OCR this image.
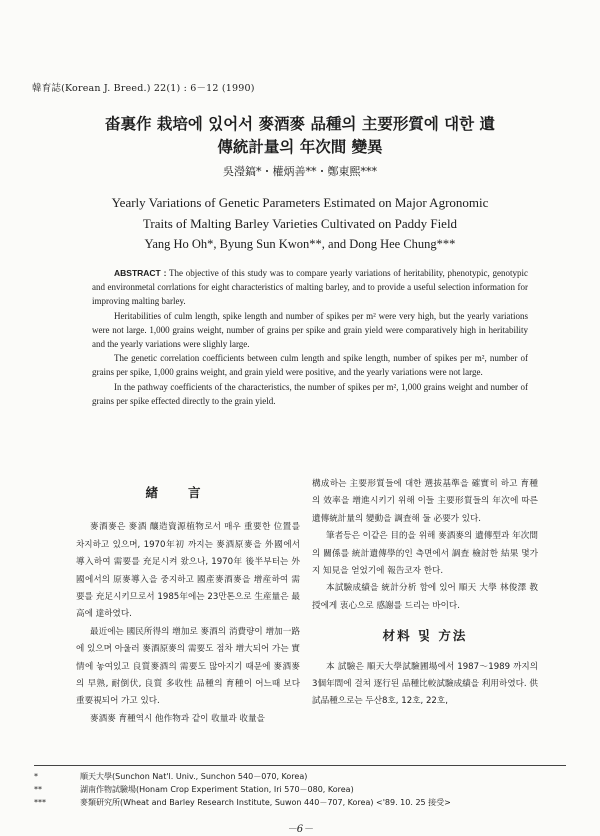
韓育誌(Korean J. Breed.) 22(1) : 6－12 (1990)
畓裏作 栽培에 있어서 麥酒麥 品種의 主要形質에 대한 遺
傳統計量의 年次間 變異
吳瀅鎬*・權炳善**・鄭東熙***
Yearly Variations of Genetic Parameters Estimated on Major Agronomic
Traits of Malting Barley Varieties Cultivated on Paddy Field
Yang Ho Oh*, Byung Sun Kwon**, and Dong Hee Chung***

ABSTRACT : The objective of this study was to compare yearly variations of heritability, phenotypic, genotypic and environmetal corrlations for eight characteristics of malting barley, and to provide a useful selection information for improving malting barley.

Heritabilities of culm length, spike length and number of spikes per m² were very high, but the yearly variations were not large. 1,000 grains weight, number of grains per spike and grain yield were comparatively high in heritability and the yearly variations were slighly large.

The genetic correlation coefficients between culm length and spike length, number of spikes per m², number of grains per spike, 1,000 grains weight, and grain yield were positive, and the yearly variations were not large.

In the pathway coefficients of the characteristics, the number of spikes per m², 1,000 grains weight and number of grains per spike effected directly to the grain yield.

緖言

麥酒麥은 麥酒 釀造資源植物로서 매우 重要한 位置를 차지하고 있으며, 1970年初 까지는 麥酒原麥을 外國에서 導入하여 需要를 充足시켜 왔으나, 1970年 後半부터는 外國에서의 原麥導入을 중지하고 國產麥酒麥을 增産하여 需要를 充足시키므로서 1985年에는 23만톤으로 生産量은 最高에 達하였다.

最近에는 國民所得의 增加로 麥酒의 消費량이 增加一路에 있으며 아울러 麥酒原麥의 需要도 점차 增大되어 가는 實情에 놓여있고 良質麥酒의 需要도 많아지기 때문에 麥酒麥의 早熟, 耐倒伏, 良質 多收性 品種의 育種이 어느때 보다 重要視되어 가고 있다.

麥酒麥 育種역시 他作物과 같이 收量과 收量을

構成하는 主要形質들에 대한 選拔基準을 確實히 하고 育種의 效率을 增進시키기 위해 이들 主要形質들의 年次에 따른 遺傳統計量의 變動을 調査해 둘 必要가 있다.

筆者등은 이같은 目的을 위해 麥酒麥의 遺傳型과 年次間의 關係를 統計遺傳學的인 측면에서 調査 檢討한 結果 몇가지 知見을 얻었기에 報告코자 한다.

本試驗成績을 統計分析 함에 있어 順天 大學 林俊澤 教授에게 衷心으로 感謝를 드리는 바이다.

材料 및 方法

本 試驗은 順天大學試驗圃場에서 1987～1989 까지의 3個年間에 걸쳐 逐行된 品種比較試驗成績을 利用하였다. 供試品種으로는 두산8호, 12호, 22호,

*	順天大學(Sunchon Nat'l. Univ., Sunchon 540－070, Korea)
**	湖南作物試驗場(Honam Crop Experiment Station, Iri 570－080, Korea)
***	麥類研究所(Wheat and Barley Research Institute, Suwon 440－707, Korea) <'89. 10. 25 接受>
－6－
